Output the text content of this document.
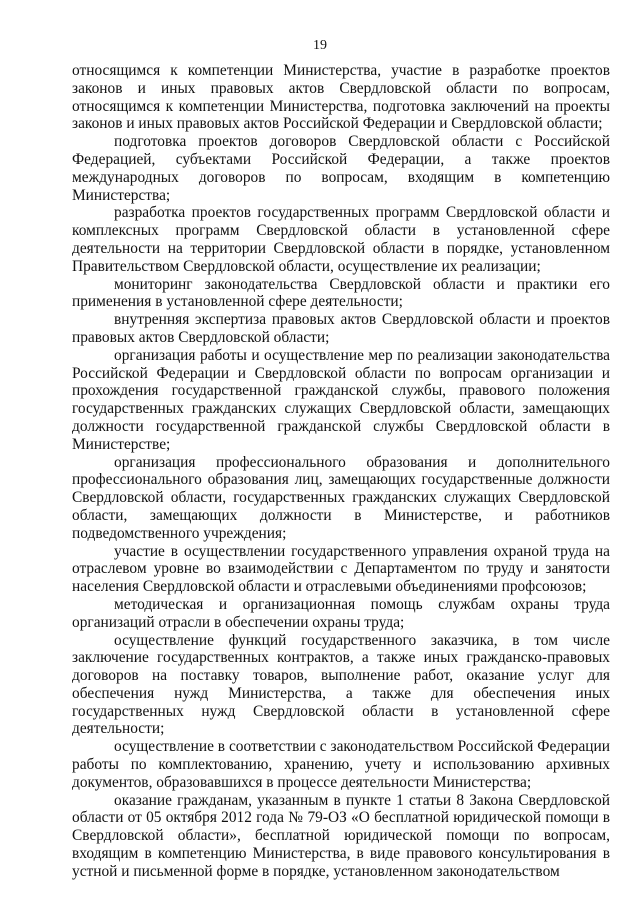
19

относящимся к компетенции Министерства, участие в разработке проектов законов и иных правовых актов Свердловской области по вопросам, относящимся к компетенции Министерства, подготовка заключений на проекты законов и иных правовых актов Российской Федерации и Свердловской области;

подготовка проектов договоров Свердловской области с Российской Федерацией, субъектами Российской Федерации, а также проектов международных договоров по вопросам, входящим в компетенцию Министерства;

разработка проектов государственных программ Свердловской области и комплексных программ Свердловской области в установленной сфере деятельности на территории Свердловской области в порядке, установленном Правительством Свердловской области, осуществление их реализации;

мониторинг законодательства Свердловской области и практики его применения в установленной сфере деятельности;

внутренняя экспертиза правовых актов Свердловской области и проектов правовых актов Свердловской области;

организация работы и осуществление мер по реализации законодательства Российской Федерации и Свердловской области по вопросам организации и прохождения государственной гражданской службы, правового положения государственных гражданских служащих Свердловской области, замещающих должности государственной гражданской службы Свердловской области в Министерстве;

организация профессионального образования и дополнительного профессионального образования лиц, замещающих государственные должности Свердловской области, государственных гражданских служащих Свердловской области, замещающих должности в Министерстве, и работников подведомственного учреждения;

участие в осуществлении государственного управления охраной труда на отраслевом уровне во взаимодействии с Департаментом по труду и занятости населения Свердловской области и отраслевыми объединениями профсоюзов;

методическая и организационная помощь службам охраны труда организаций отрасли в обеспечении охраны труда;

осуществление функций государственного заказчика, в том числе заключение государственных контрактов, а также иных гражданско-правовых договоров на поставку товаров, выполнение работ, оказание услуг для обеспечения нужд Министерства, а также для обеспечения иных государственных нужд Свердловской области в установленной сфере деятельности;

осуществление в соответствии с законодательством Российской Федерации работы по комплектованию, хранению, учету и использованию архивных документов, образовавшихся в процессе деятельности Министерства;

оказание гражданам, указанным в пункте 1 статьи 8 Закона Свердловской области от 05 октября 2012 года № 79-ОЗ «О бесплатной юридической помощи в Свердловской области», бесплатной юридической помощи по вопросам, входящим в компетенцию Министерства, в виде правового консультирования в устной и письменной форме в порядке, установленном законодательством
